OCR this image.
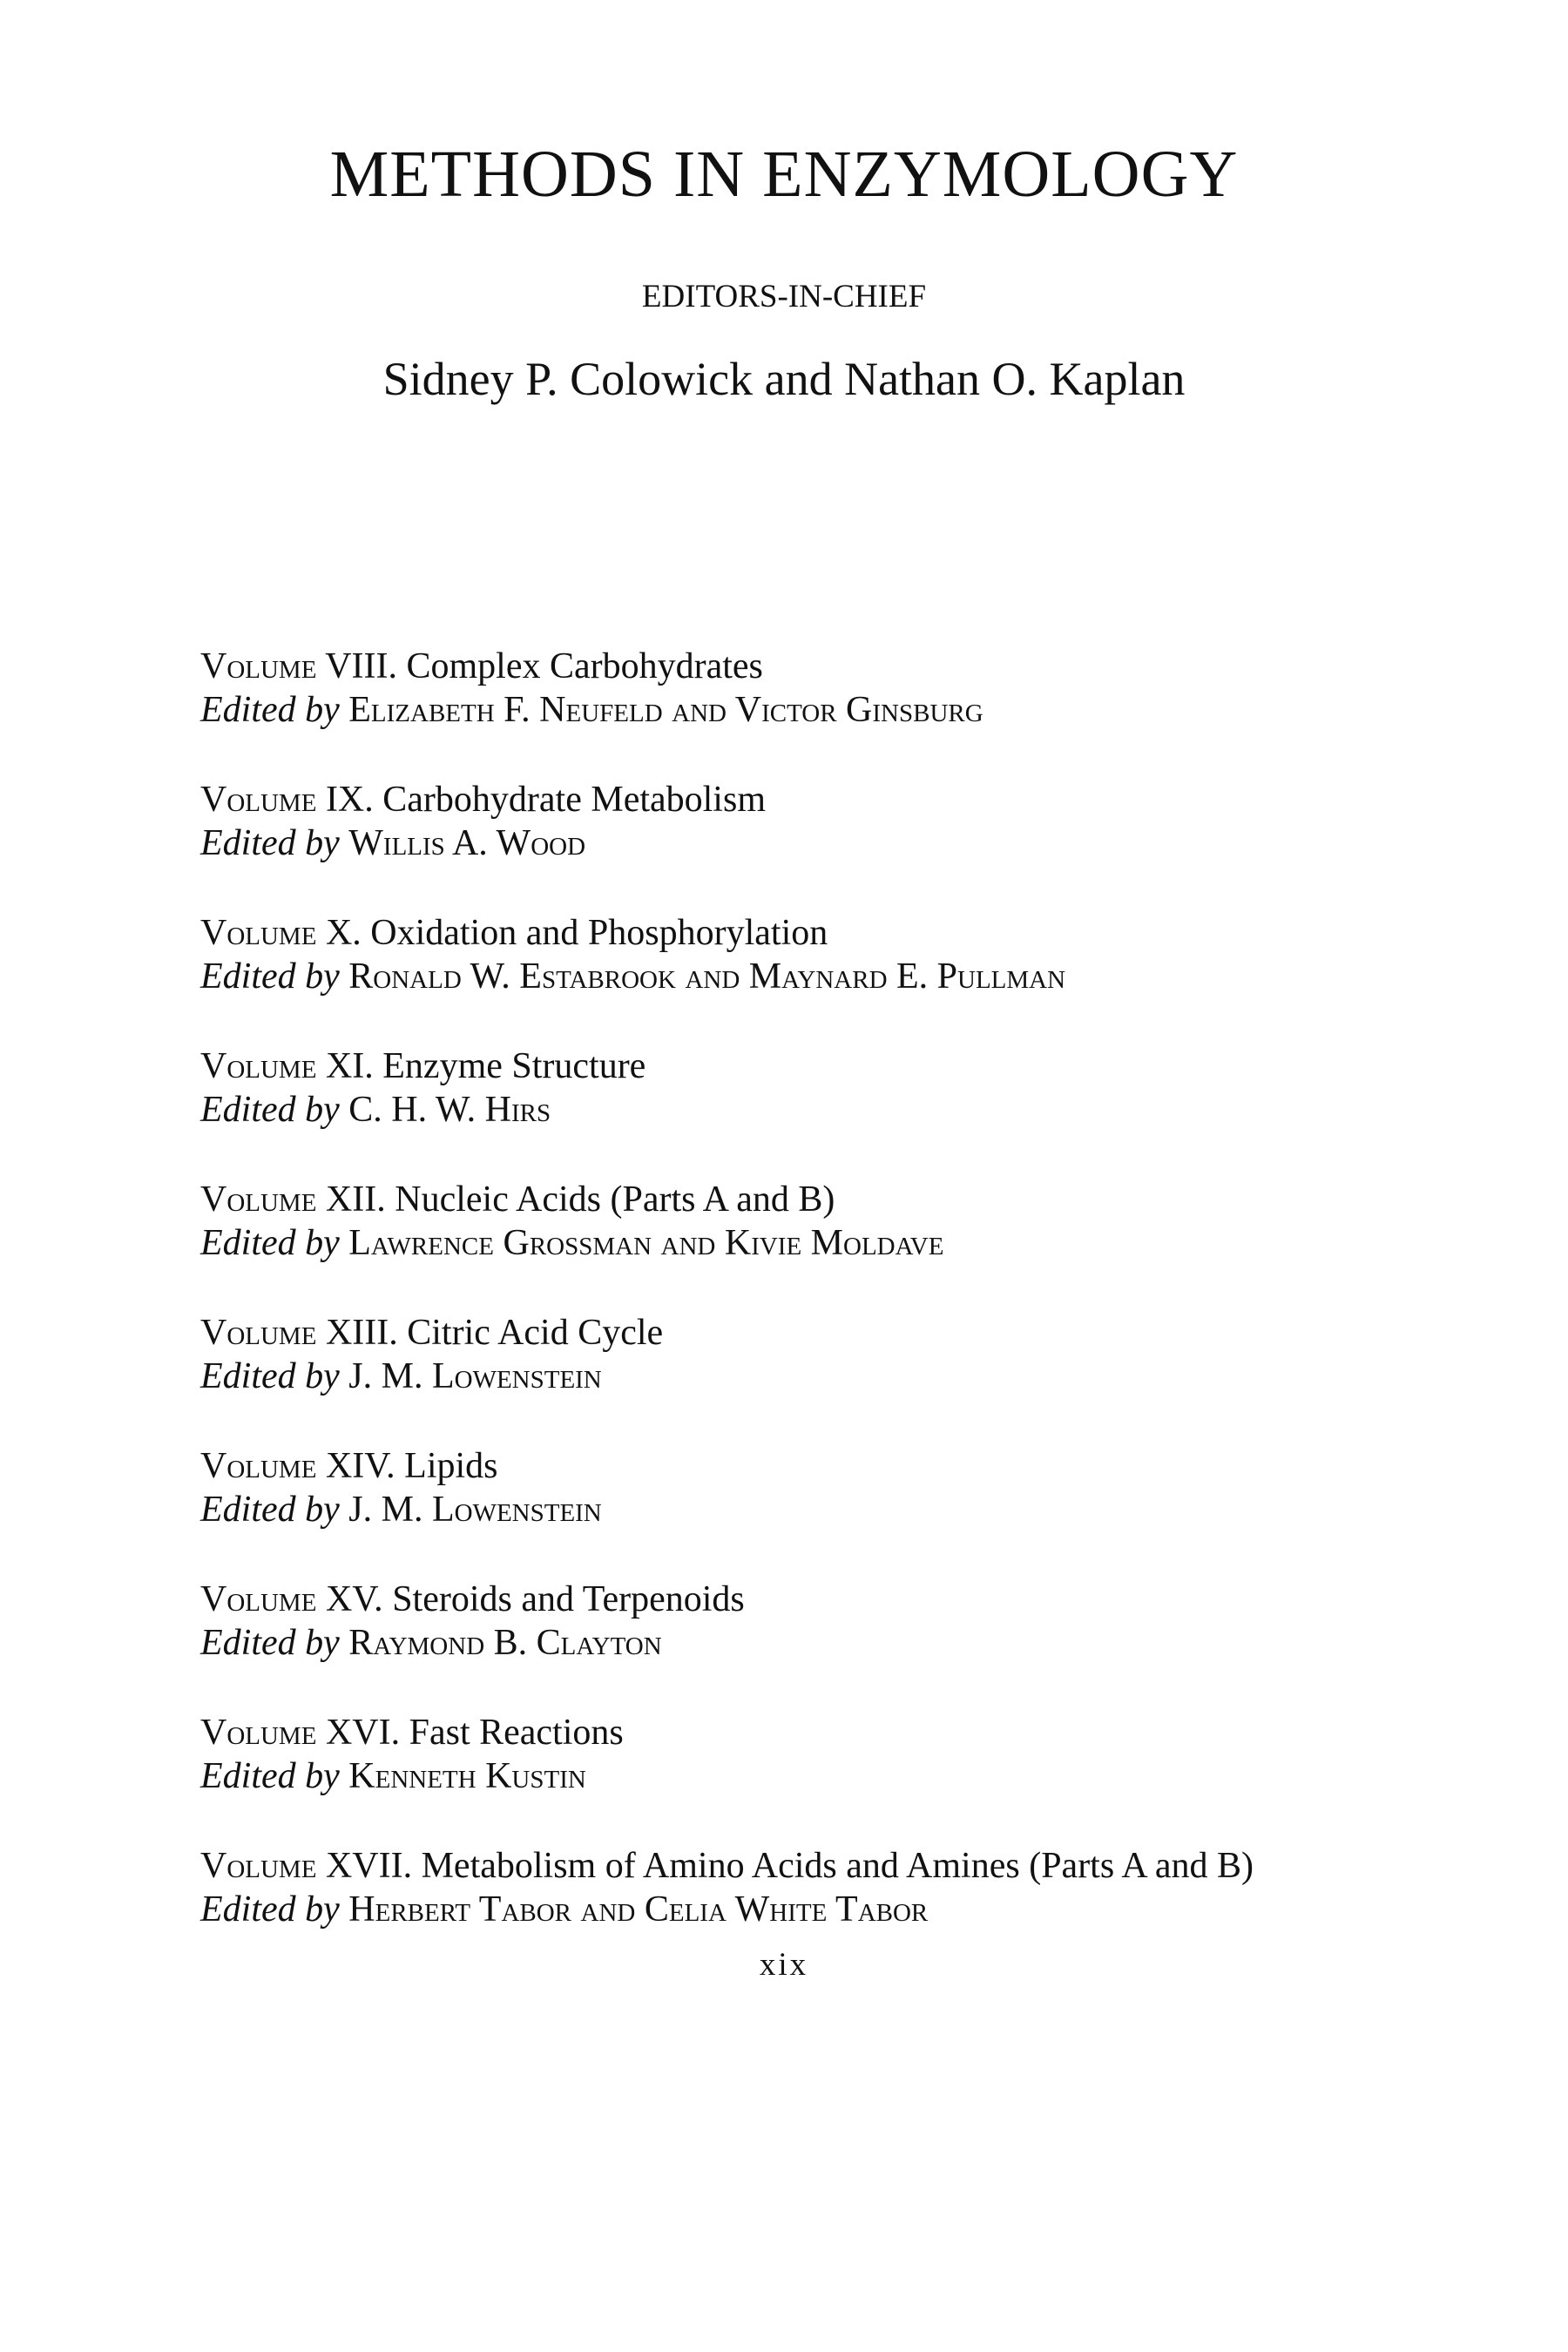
METHODS IN ENZYMOLOGY
EDITORS-IN-CHIEF
Sidney P. Colowick and Nathan O. Kaplan
Volume VIII. Complex Carbohydrates
Edited by Elizabeth F. Neufeld and Victor Ginsburg
Volume IX. Carbohydrate Metabolism
Edited by Willis A. Wood
Volume X. Oxidation and Phosphorylation
Edited by Ronald W. Estabrook and Maynard E. Pullman
Volume XI. Enzyme Structure
Edited by C. H. W. Hirs
Volume XII. Nucleic Acids (Parts A and B)
Edited by Lawrence Grossman and Kivie Moldave
Volume XIII. Citric Acid Cycle
Edited by J. M. Lowenstein
Volume XIV. Lipids
Edited by J. M. Lowenstein
Volume XV. Steroids and Terpenoids
Edited by Raymond B. Clayton
Volume XVI. Fast Reactions
Edited by Kenneth Kustin
Volume XVII. Metabolism of Amino Acids and Amines (Parts A and B)
Edited by Herbert Tabor and Celia White Tabor
xix
